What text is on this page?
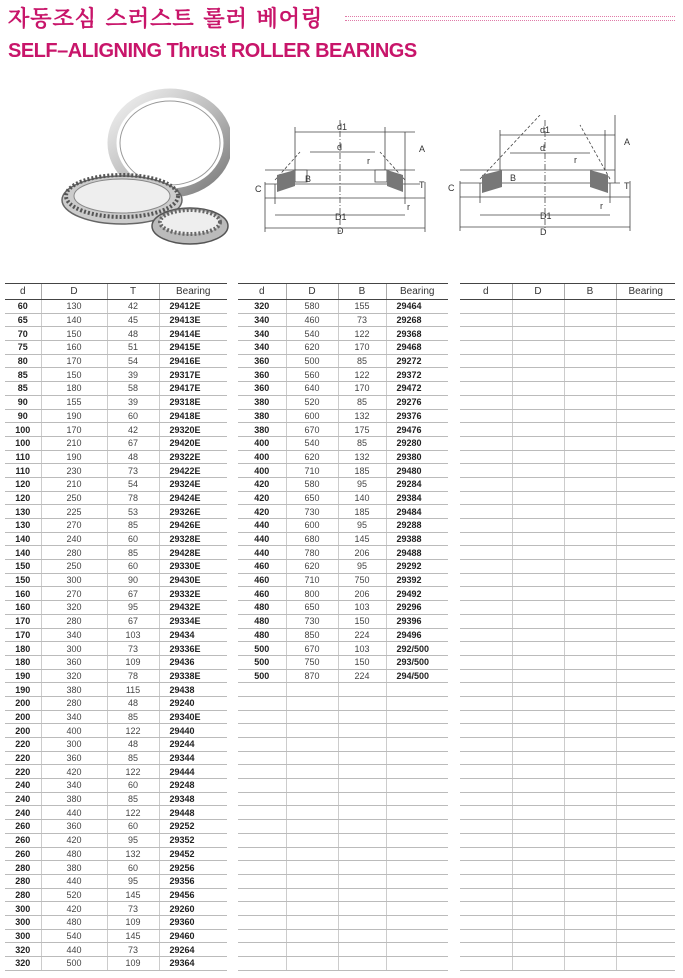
자동조심 스러스트 롤러 베어링
SELF–ALIGNING Thrust ROLLER BEARINGS
d1
d
r
A
B
C	T
r
D1
D
d1
d
r
A
B
C	T
r
D1
D
d	D	T	Bearing
60	130	42	29412E
65	140	45	29413E
70	150	48	29414E
75	160	51	29415E
80	170	54	29416E
85	150	39	29317E
85	180	58	29417E
90	155	39	29318E
90	190	60	29418E
100	170	42	29320E
100	210	67	29420E
110	190	48	29322E
110	230	73	29422E
120	210	54	29324E
120	250	78	29424E
130	225	53	29326E
130	270	85	29426E
140	240	60	29328E
140	280	85	29428E
150	250	60	29330E
150	300	90	29430E
160	270	67	29332E
160	320	95	29432E
170	280	67	29334E
170	340	103	29434
180	300	73	29336E
180	360	109	29436
190	320	78	29338E
190	380	115	29438
200	280	48	29240
200	340	85	29340E
200	400	122	29440
220	300	48	29244
220	360	85	29344
220	420	122	29444
240	340	60	29248
240	380	85	29348
240	440	122	29448
260	360	60	29252
260	420	95	29352
260	480	132	29452
280	380	60	29256
280	440	95	29356
280	520	145	29456
300	420	73	29260
300	480	109	29360
300	540	145	29460
320	440	73	29264
320	500	109	29364
d	D	B	Bearing
320	580	155	29464
340	460	73	29268
340	540	122	29368
340	620	170	29468
360	500	85	29272
360	560	122	29372
360	640	170	29472
380	520	85	29276
380	600	132	29376
380	670	175	29476
400	540	85	29280
400	620	132	29380
400	710	185	29480
420	580	95	29284
420	650	140	29384
420	730	185	29484
440	600	95	29288
440	680	145	29388
440	780	206	29488
460	620	95	29292
460	710	750	29392
460	800	206	29492
480	650	103	29296
480	730	150	29396
480	850	224	29496
500	670	103	292/500
500	750	150	293/500
500	870	224	294/500

d	D	B	Bearing
